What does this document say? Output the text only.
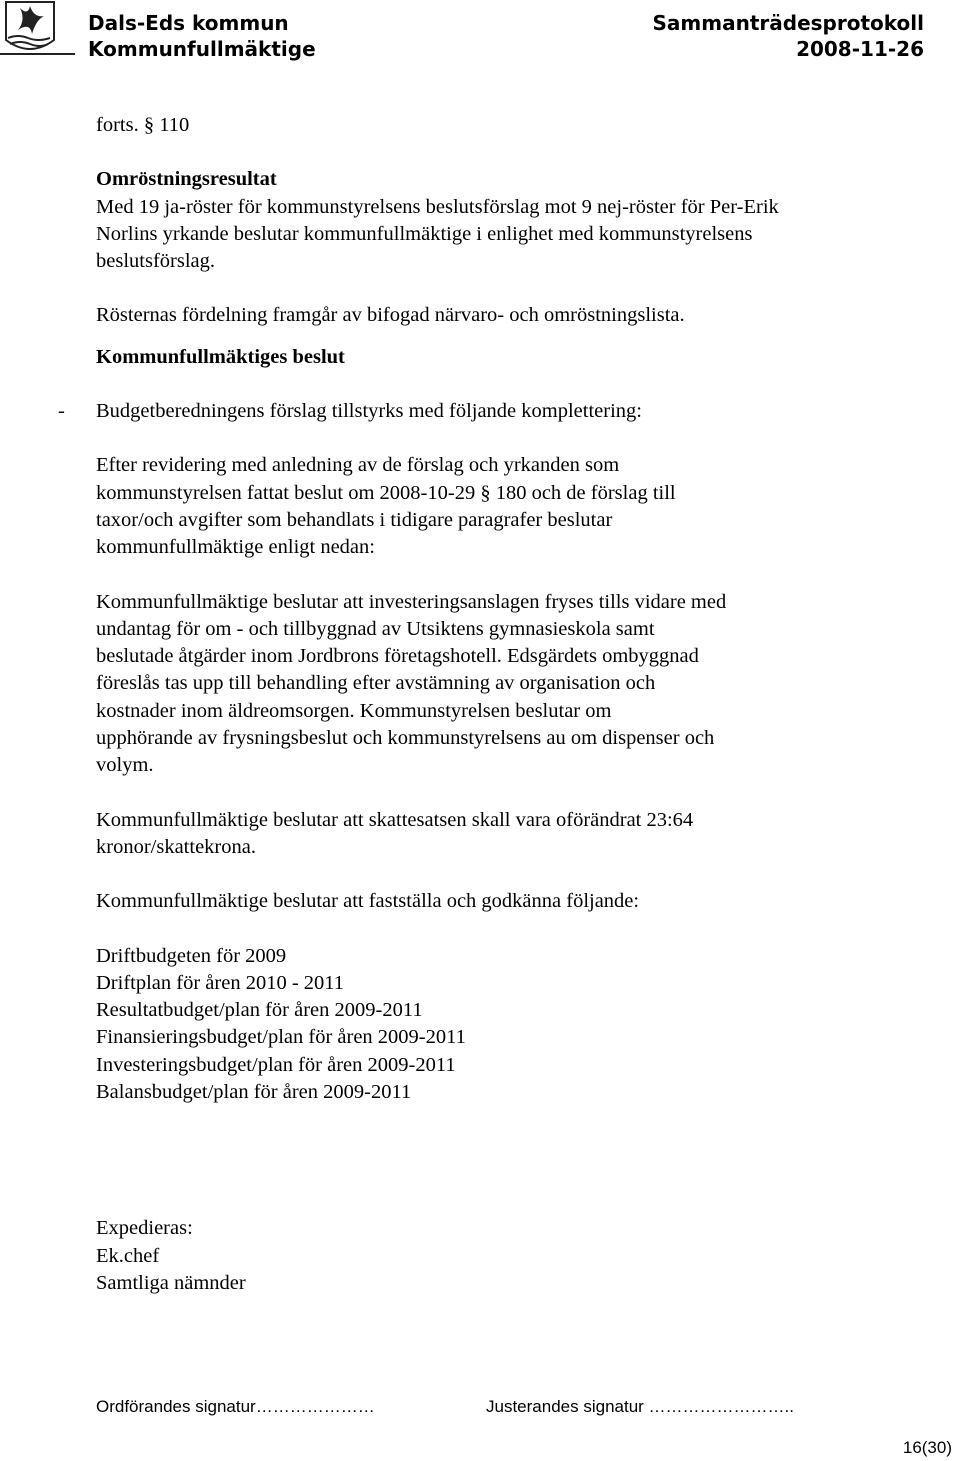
Dals-Eds kommun
Kommunfullmäktige
Sammanträdesprotokoll
2008-11-26

forts. § 110

Omröstningsresultat

Med 19 ja-röster för kommunstyrelsens beslutsförslag mot 9 nej-röster för Per-Erik

Norlins yrkande beslutar kommunfullmäktige i enlighet med kommunstyrelsens

beslutsförslag.

Rösternas fördelning framgår av bifogad närvaro- och omröstningslista.

Kommunfullmäktiges beslut

- Budgetberedningens förslag tillstyrks med följande komplettering:

Efter revidering med anledning av de förslag och yrkanden som

kommunstyrelsen fattat beslut om 2008-10-29 § 180 och de förslag till

taxor/och avgifter som behandlats i tidigare paragrafer beslutar

kommunfullmäktige enligt nedan:

Kommunfullmäktige beslutar att investeringsanslagen fryses tills vidare med

undantag för om - och tillbyggnad av Utsiktens gymnasieskola samt

beslutade åtgärder inom Jordbrons företagshotell. Edsgärdets ombyggnad

föreslås tas upp till behandling efter avstämning av organisation och

kostnader inom äldreomsorgen. Kommunstyrelsen beslutar om

upphörande av frysningsbeslut och kommunstyrelsens au om dispenser och

volym.

Kommunfullmäktige beslutar att skattesatsen skall vara oförändrat 23:64

kronor/skattekrona.

Kommunfullmäktige beslutar att fastställa och godkänna följande:

Driftbudgeten för 2009

Driftplan för åren 2010 - 2011

Resultatbudget/plan för åren 2009-2011

Finansieringsbudget/plan för åren 2009-2011

Investeringsbudget/plan för åren 2009-2011

Balansbudget/plan för åren 2009-2011

Expedieras:

Ek.chef

Samtliga nämnder

Ordförandes signatur…………………	Justerandes signatur ……………………..
16(30)
